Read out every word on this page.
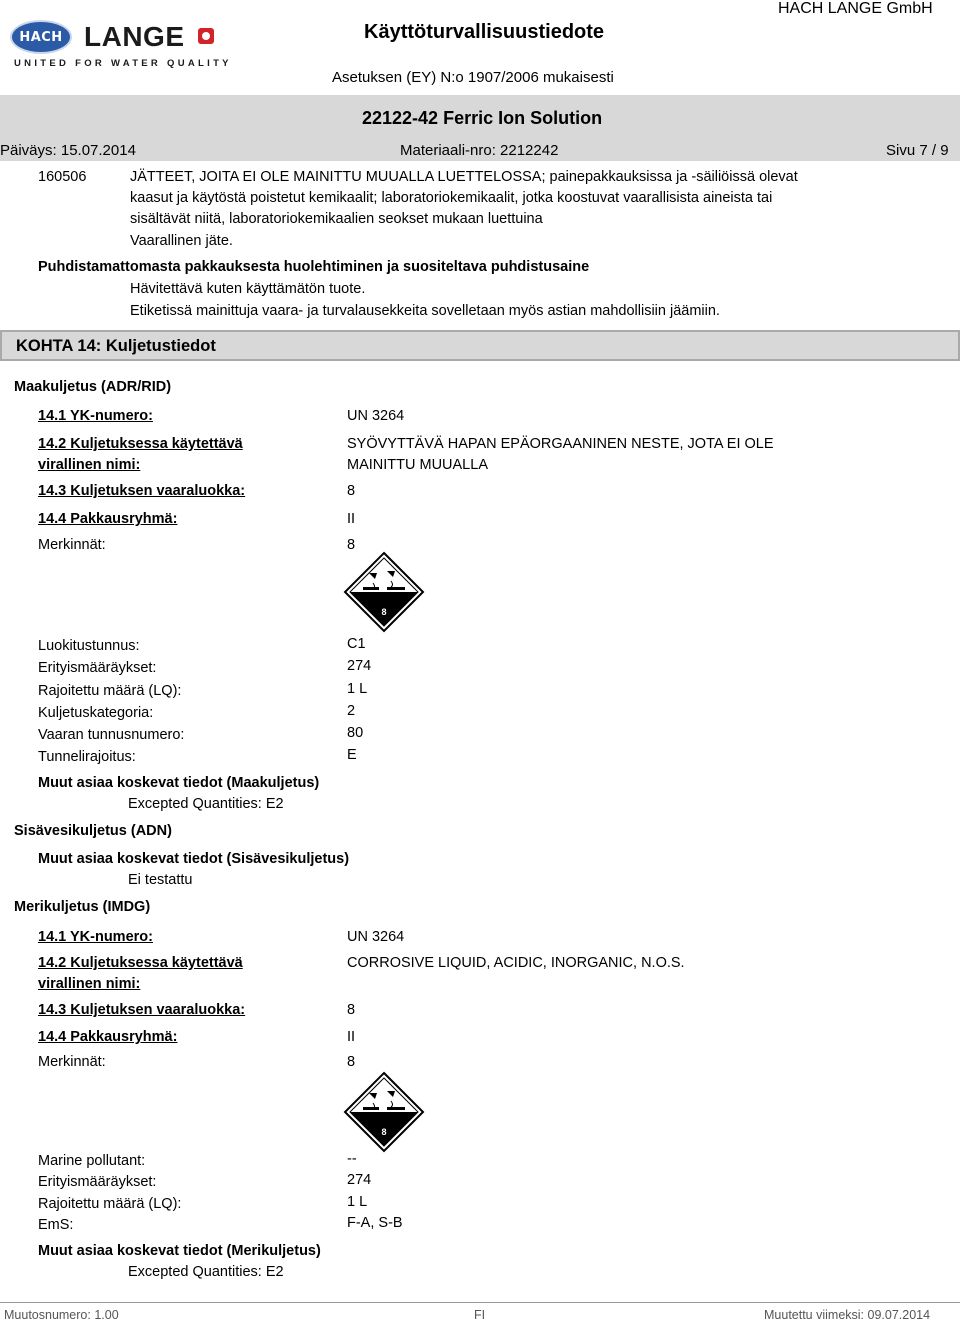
HACH LANGE
UNITED FOR WATER QUALITY
Käyttöturvallisuustiedote
HACH LANGE GmbH
Asetuksen (EY) N:o 1907/2006 mukaisesti
22122-42 Ferric Ion Solution
Päiväys: 15.07.2014	Materiaali-nro: 2212242	Sivu 7 / 9
160506	JÄTTEET, JOITA EI OLE MAINITTU MUUALLA LUETTELOSSA; painepakkauksissa ja -säiliöissä olevat
kaasut ja käytöstä poistetut kemikaalit; laboratoriokemikaalit, jotka koostuvat vaarallisista aineista tai
sisältävät niitä, laboratoriokemikaalien seokset mukaan luettuina
Vaarallinen jäte.
Puhdistamattomasta pakkauksesta huolehtiminen ja suositeltava puhdistusaine
Hävitettävä kuten käyttämätön tuote.
Etiketissä mainittuja vaara- ja turvalausekkeita sovelletaan myös astian mahdollisiin jäämiin.
KOHTA 14: Kuljetustiedot
Maakuljetus (ADR/RID)
14.1 YK-numero:	UN 3264
14.2 Kuljetuksessa käytettävä
virallinen nimi:
SYÖVYTTÄVÄ HAPAN EPÄORGAANINEN NESTE, JOTA EI OLE
MAINITTU MUUALLA
14.3 Kuljetuksen vaaraluokka:	8
14.4 Pakkausryhmä:	II
Merkinnät:	8
8
Luokitustunnus:	C1
Erityismääräykset:	274
Rajoitettu määrä (LQ):	1 L
Kuljetuskategoria:	2
Vaaran tunnusnumero:	80
Tunnelirajoitus:	E
Muut asiaa koskevat tiedot (Maakuljetus)
Excepted Quantities: E2
Sisävesikuljetus (ADN)
Muut asiaa koskevat tiedot (Sisävesikuljetus)
Ei testattu
Merikuljetus (IMDG)
14.1 YK-numero:	UN 3264
14.2 Kuljetuksessa käytettävä
virallinen nimi:
CORROSIVE LIQUID, ACIDIC, INORGANIC, N.O.S.
14.3 Kuljetuksen vaaraluokka:	8
14.4 Pakkausryhmä:	II
Merkinnät:	8
8
Marine pollutant:	--
Erityismääräykset:	274
Rajoitettu määrä (LQ):	1 L
EmS:	F-A, S-B
Muut asiaa koskevat tiedot (Merikuljetus)
Excepted Quantities: E2
Muutosnumero: 1.00	FI	Muutettu viimeksi: 09.07.2014
